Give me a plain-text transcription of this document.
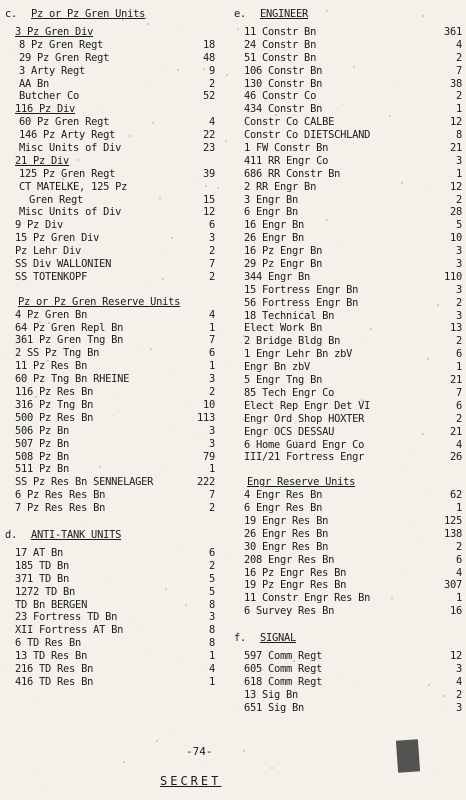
c.	Pz or Pz Gren Units
3 Pz Gren Div
8 Pz Gren Regt	18
29 Pz Gren Regt	48
3 Arty Regt	9
AA Bn	2
Butcher Co	52
116 Pz Div
60 Pz Gren Regt	4
146 Pz Arty Regt	22
Misc Units of Div	23
21 Pz Div
125 Pz Gren Regt	39
CT MATELKE, 125 Pz
Gren Regt	15
Misc Units of Div	12
9 Pz Div	6
15 Pz Gren Div	3
Pz Lehr Div	2
SS Div WALLONIEN	7
SS TOTENKOPF	2
Pz or Pz Gren Reserve Units
4 Pz Gren Bn	4
64 Pz Gren Repl Bn	1
361 Pz Gren Tng Bn	7
2 SS Pz Tng Bn	6
11 Pz Res Bn	1
60 Pz Tng Bn RHEINE	3
116 Pz Res Bn	2
316 Pz Tng Bn	10
500 Pz Res Bn	113
506 Pz Bn	3
507 Pz Bn	3
508 Pz Bn	79
511 Pz Bn	1
SS Pz Res Bn SENNELAGER	222
6 Pz Res Res Bn	7
7 Pz Res Res Bn	2
d.	ANTI-TANK UNITS
17 AT Bn	6
185 TD Bn	2
371 TD Bn	5
1272 TD Bn	5
TD Bn BERGEN	8
23 Fortress TD Bn	3
XII Fortress AT Bn	8
6 TD Res Bn	8
13 TD Res Bn	1
216 TD Res Bn	4
416 TD Res Bn	1
e.	ENGINEER
11 Constr Bn	361
24 Constr Bn	4
51 Constr Bn	2
106 Constr Bn	7
130 Constr Bn	38
46 Constr Co	2
434 Constr Bn	1
Constr Co CALBE	12
Constr Co DIETSCHLAND	8
1 FW Constr Bn	21
411 RR Engr Co	3
686 RR Constr Bn	1
2 RR Engr Bn	12
3 Engr Bn	2
6 Engr Bn	28
16 Engr Bn	5
26 Engr Bn	10
16 Pz Engr Bn	3
29 Pz Engr Bn	3
344 Engr Bn	110
15 Fortress Engr Bn	3
56 Fortress Engr Bn	2
18 Technical Bn	3
Elect Work Bn	13
2 Bridge Bldg Bn	2
1 Engr Lehr Bn zbV	6
Engr Bn zbV	1
5 Engr Tng Bn	21
85 Tech Engr Co	7
Elect Rep Engr Det VI	6
Engr Ord Shop HOXTER	2
Engr OCS DESSAU	21
6 Home Guard Engr Co	4
III/21 Fortress Engr	26
Engr Reserve Units
4 Engr Res Bn	62
6 Engr Res Bn	1
19 Engr Res Bn	125
26 Engr Res Bn	138
30 Engr Res Bn	2
208 Engr Res Bn	6
16 Pz Engr Res Bn	4
19 Pz Engr Res Bn	307
11 Constr Engr Res Bn	1
6 Survey Res Bn	16
f.	SIGNAL
597 Comm Regt	12
605 Comm Regt	3
618 Comm Regt	4
13 Sig Bn	2
651 Sig Bn	3
-74-
SECRET
